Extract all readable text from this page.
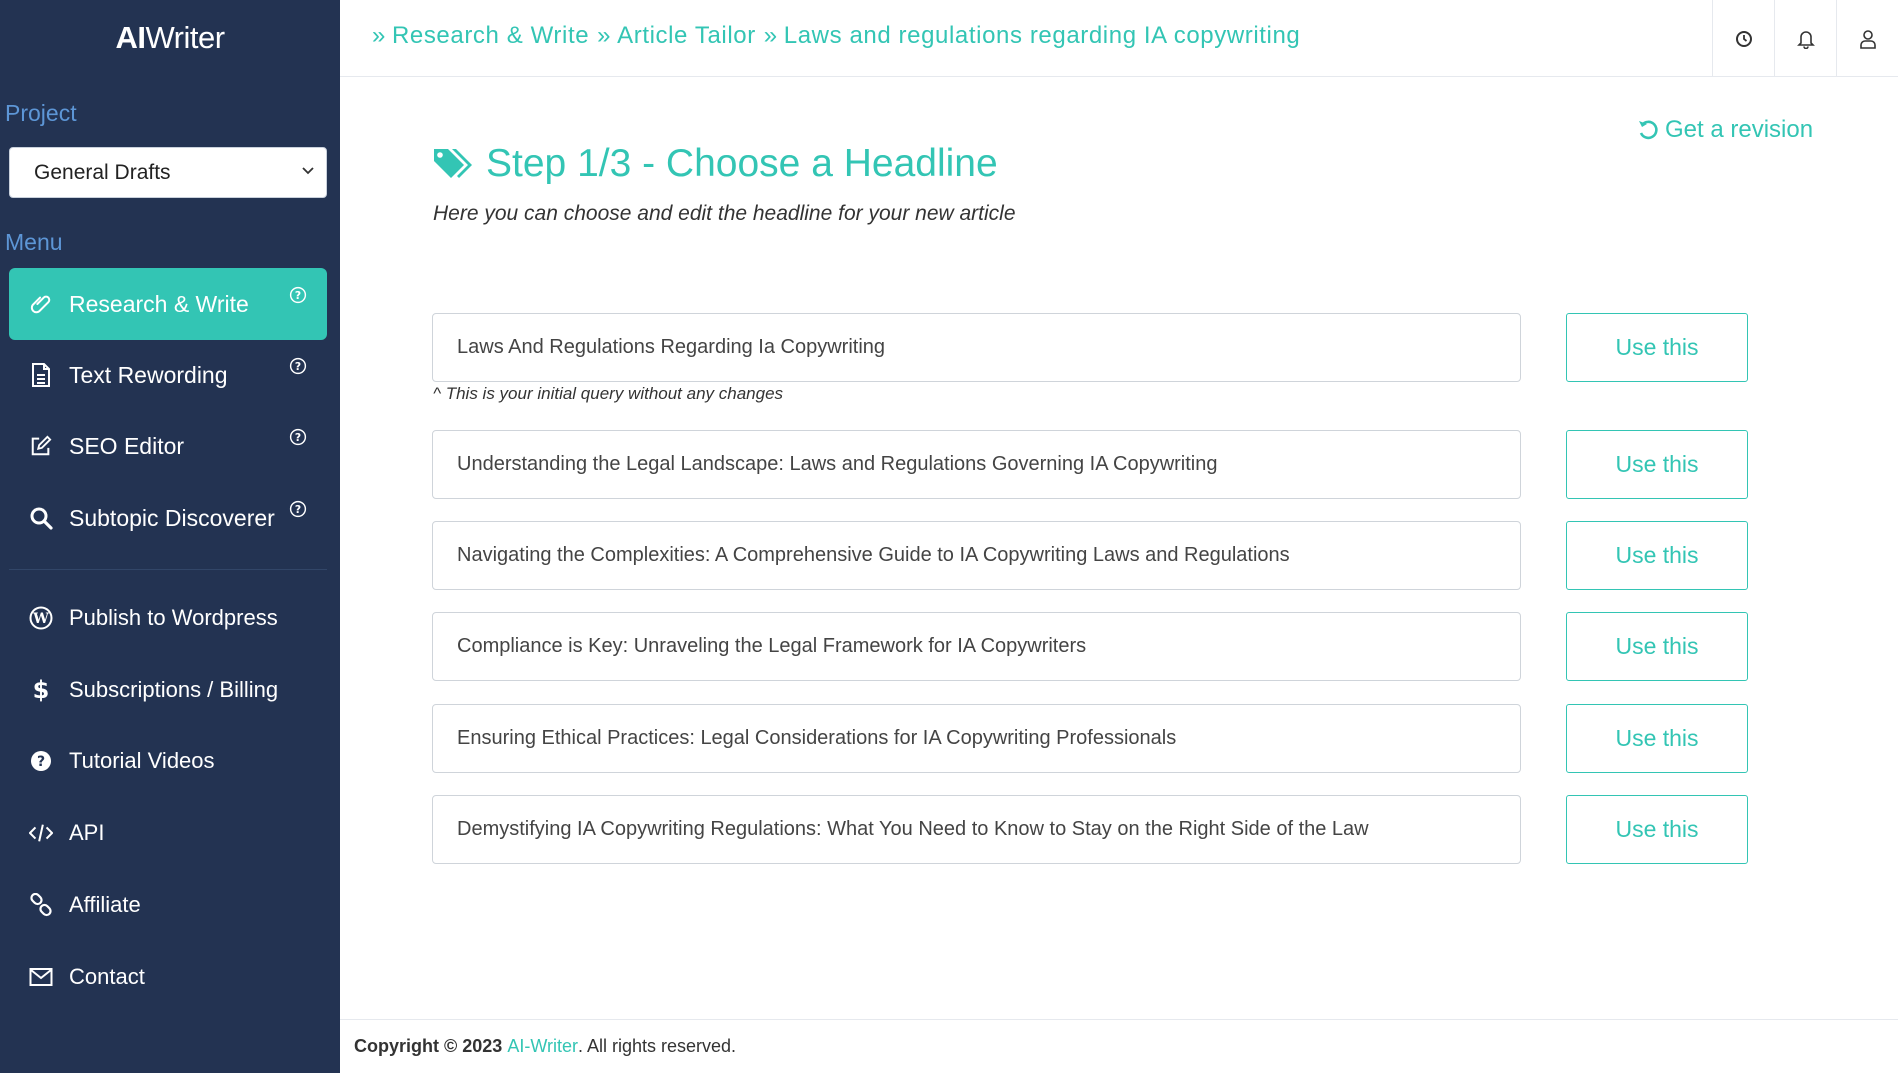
AIWriter
Project
General Drafts
Menu
Research & Write	?
Text Rewording	?
SEO Editor	?
Subtopic Discoverer ?
W Publish to Wordpress
$ Subscriptions / Billing
? Tutorial Videos
API
Affiliate
Contact
» Research & Write » Article Tailor » Laws and regulations regarding IA copywriting
Get a revision
Step 1/3 - Choose a Headline
Here you can choose and edit the headline for your new article
Laws And Regulations Regarding Ia Copywriting	Use this
^ This is your initial query without any changes
Understanding the Legal Landscape: Laws and Regulations Governing IA Copywriting	Use this
Navigating the Complexities: A Comprehensive Guide to IA Copywriting Laws and Regulations	Use this
Compliance is Key: Unraveling the Legal Framework for IA Copywriters	Use this
Ensuring Ethical Practices: Legal Considerations for IA Copywriting Professionals	Use this
Demystifying IA Copywriting Regulations: What You Need to Know to Stay on the Right Side of the Law	Use this
Copyright © 2023
AI-Writer . All rights reserved.
